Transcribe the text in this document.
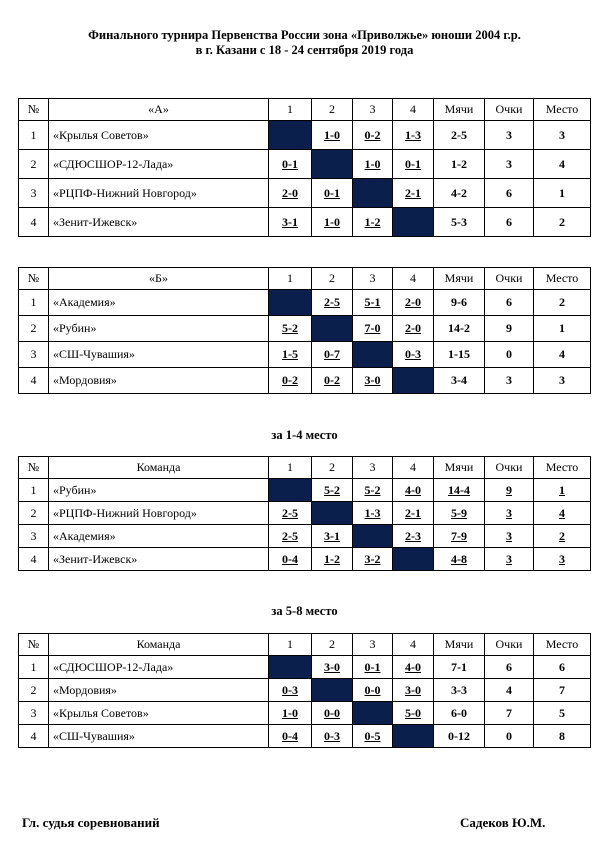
Финального турнира Первенства России зона «Приволжье» юноши 2004 г.р.
в г. Казани с 18 - 24 сентября 2019 года
№	«А»	1	2	3	4	Мячи	Очки	Место
1	«Крылья Советов»		1-0	0-2	1-3	2-5	3	3
2	«СДЮСШОР-12-Лада»	0-1		1-0	0-1	1-2	3	4
3	«РЦПФ-Нижний Новгород»	2-0	0-1		2-1	4-2	6	1
4	«Зенит-Ижевск»	3-1	1-0	1-2		5-3	6	2
№	«Б»	1	2	3	4	Мячи	Очки	Место
1	«Академия»		2-5	5-1	2-0	9-6	6	2
2	«Рубин»	5-2		7-0	2-0	14-2	9	1
3	«СШ-Чувашия»	1-5	0-7		0-3	1-15	0	4
4	«Мордовия»	0-2	0-2	3-0		3-4	3	3
за 1-4 место
№	Команда	1	2	3	4	Мячи	Очки	Место
1	«Рубин»		5-2	5-2	4-0	14-4	9	1
2	«РЦПФ-Нижний Новгород»	2-5		1-3	2-1	5-9	3	4
3	«Академия»	2-5	3-1		2-3	7-9	3	2
4	«Зенит-Ижевск»	0-4	1-2	3-2		4-8	3	3
за 5-8 место
№	Команда	1	2	3	4	Мячи	Очки	Место
1	«СДЮСШОР-12-Лада»		3-0	0-1	4-0	7-1	6	6
2	«Мордовия»	0-3		0-0	3-0	3-3	4	7
3	«Крылья Советов»	1-0	0-0		5-0	6-0	7	5
4	«СШ-Чувашия»	0-4	0-3	0-5		0-12	0	8
Гл. судья соревнований	Садеков Ю.М.
